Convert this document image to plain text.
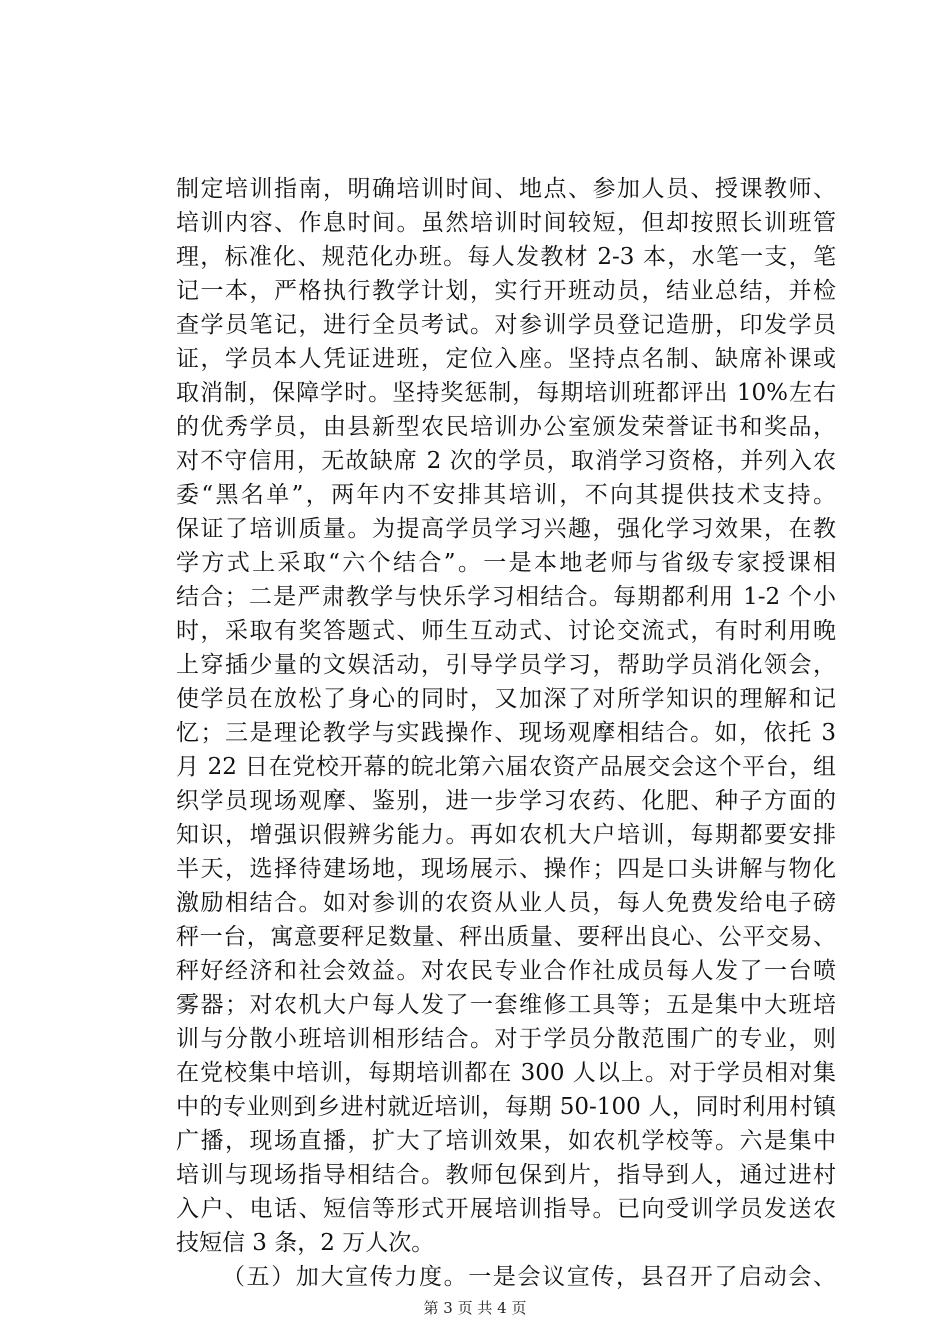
制定培训指南，明确培训时间、地点、参加人员、授课教师、
培训内容、作息时间。虽然培训时间较短，但却按照长训班管
理，标准化、规范化办班。每人发教材 2-3 本，水笔一支，笔
记一本，严格执行教学计划，实行开班动员，结业总结，并检
查学员笔记，进行全员考试。对参训学员登记造册，印发学员
证，学员本人凭证进班，定位入座。坚持点名制、缺席补课或
取消制，保障学时。坚持奖惩制，每期培训班都评出 10%左右
的优秀学员，由县新型农民培训办公室颁发荣誉证书和奖品，
对不守信用，无故缺席 2 次的学员，取消学习资格，并列入农
委“黑名单”，两年内不安排其培训，不向其提供技术支持。
保证了培训质量。为提高学员学习兴趣，强化学习效果，在教
学方式上采取“六个结合”。一是本地老师与省级专家授课相
结合；二是严肃教学与快乐学习相结合。每期都利用 1-2 个小
时，采取有奖答题式、师生互动式、讨论交流式，有时利用晚
上穿插少量的文娱活动，引导学员学习，帮助学员消化领会，
使学员在放松了身心的同时，又加深了对所学知识的理解和记
忆；三是理论教学与实践操作、现场观摩相结合。如，依托 3
月 22 日在党校开幕的皖北第六届农资产品展交会这个平台，组
织学员现场观摩、鉴别，进一步学习农药、化肥、种子方面的
知识，增强识假辨劣能力。再如农机大户培训，每期都要安排
半天，选择待建场地，现场展示、操作；四是口头讲解与物化
激励相结合。如对参训的农资从业人员，每人免费发给电子磅
秤一台，寓意要秤足数量、秤出质量、要秤出良心、公平交易、
秤好经济和社会效益。对农民专业合作社成员每人发了一台喷
雾器；对农机大户每人发了一套维修工具等；五是集中大班培
训与分散小班培训相形结合。对于学员分散范围广的专业，则
在党校集中培训，每期培训都在 300 人以上。对于学员相对集
中的专业则到乡进村就近培训，每期 50-100 人，同时利用村镇
广播，现场直播，扩大了培训效果，如农机学校等。六是集中
培训与现场指导相结合。教师包保到片，指导到人，通过进村
入户、电话、短信等形式开展培训指导。已向受训学员发送农
技短信 3 条，2 万人次。
（五）加大宣传力度。一是会议宣传，县召开了启动会、
第 3 页 共 4 页
